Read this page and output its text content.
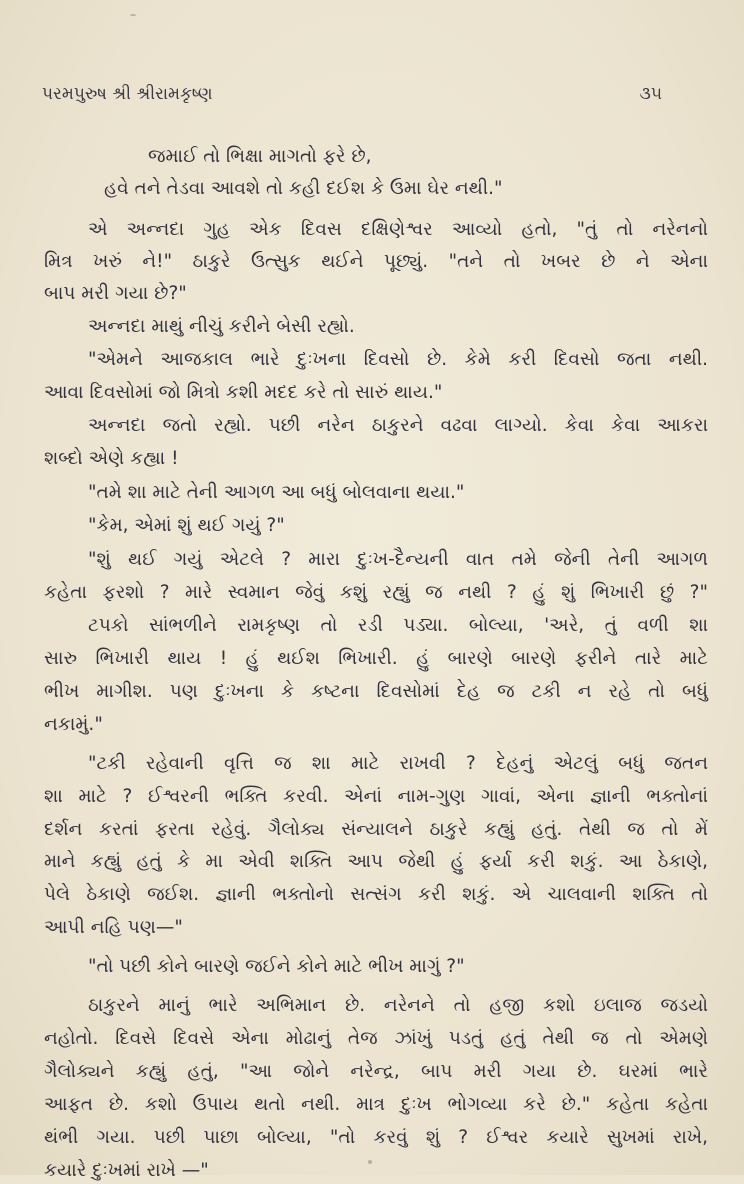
પરમપુરુષ શ્રી શ્રીરામકૃષ્ણ	૩૫
જમાઈ તો ભિક્ષા માગતો ફરે છે,
હવે તને તેડવા આવશે તો કહી દઈશ કે ઉમા ઘેર નથી."
એ અન્નદા ગુહ એક દિવસ દક્ષિણેશ્વર આવ્યો હતો, "તું તો નરેનનો
મિત્ર ખરું ને!" ઠાકુરે ઉત્સુક થઈને પૂછ્યું. "તને તો ખબર છે ને એના
બાપ મરી ગયા છે?"
અન્નદા માથું નીચું કરીને બેસી રહ્યો.
"એમને આજકાલ ભારે દુઃખના દિવસો છે. કેમે કરી દિવસો જતા નથી.
આવા દિવસોમાં જો મિત્રો કશી મદદ કરે તો સારું થાય."
અન્નદા જતો રહ્યો. પછી નરેન ઠાકુરને વઢવા લાગ્યો. કેવા કેવા આકરા
શબ્દો એણે કહ્યા !
"તમે શા માટે તેની આગળ આ બધું બોલવાના થયા."
"કેમ, એમાં શું થઈ ગયું ?"
"શું થઈ ગયું એટલે ? મારા દુઃખ-દૈન્યની વાત તમે જેની તેની આગળ
કહેતા ફરશો ? મારે સ્વમાન જેવું કશું રહ્યું જ નથી ? હું શું ભિખારી છું ?"
ટપકો સાંભળીને રામકૃષ્ણ તો રડી પડ્યા. બોલ્યા, 'અરે, તું વળી શા
સારુ ભિખારી થાય ! હું થઈશ ભિખારી. હું બારણે બારણે ફરીને તારે માટે
ભીખ માગીશ. પણ દુઃખના કે કષ્ટના દિવસોમાં દેહ જ ટકી ન રહે તો બધું
નકામું."
"ટકી રહેવાની વૃત્તિ જ શા માટે રાખવી ? દેહનું એટલું બધું જતન
શા માટે ? ઈશ્વરની ભક્તિ કરવી. એનાં નામ-ગુણ ગાવાં, એના જ્ઞાની ભક્તોનાં
દર્શન કરતાં ફરતા રહેવું. ગૈલોક્ય સંન્યાલને ઠાકુરે કહ્યું હતું. તેથી જ તો મેં
માને કહ્યું હતું કે મા એવી શક્તિ આપ જેથી હું ફર્યા કરી શકું. આ ઠેકાણે,
પેલે ઠેકાણે જઈશ. જ્ઞાની ભક્તોનો સત્સંગ કરી શકું. એ ચાલવાની શક્તિ તો
આપી નહિ પણ—"
"તો પછી કોને બારણે જઈને કોને માટે ભીખ માગું ?"
ઠાકુરને માનું ભારે અભિમાન છે. નરેનને તો હજી કશો ઇલાજ જડયો
નહોતો. દિવસે દિવસે એના મોઢાનું તેજ ઝાંખું પડતું હતું તેથી જ તો એમણે
ગૈલોક્યને કહ્યું હતું, "આ જોને નરેન્દ્ર, બાપ મરી ગયા છે. ઘરમાં ભારે
આફત છે. કશો ઉપાય થતો નથી. માત્ર દુઃખ ભોગવ્યા કરે છે." કહેતા કહેતા
થંભી ગયા. પછી પાછા બોલ્યા, "તો કરવું શું ? ઈશ્વર કયારે સુખમાં રાખે,
કયારે દુઃખમાં રાખે —"
